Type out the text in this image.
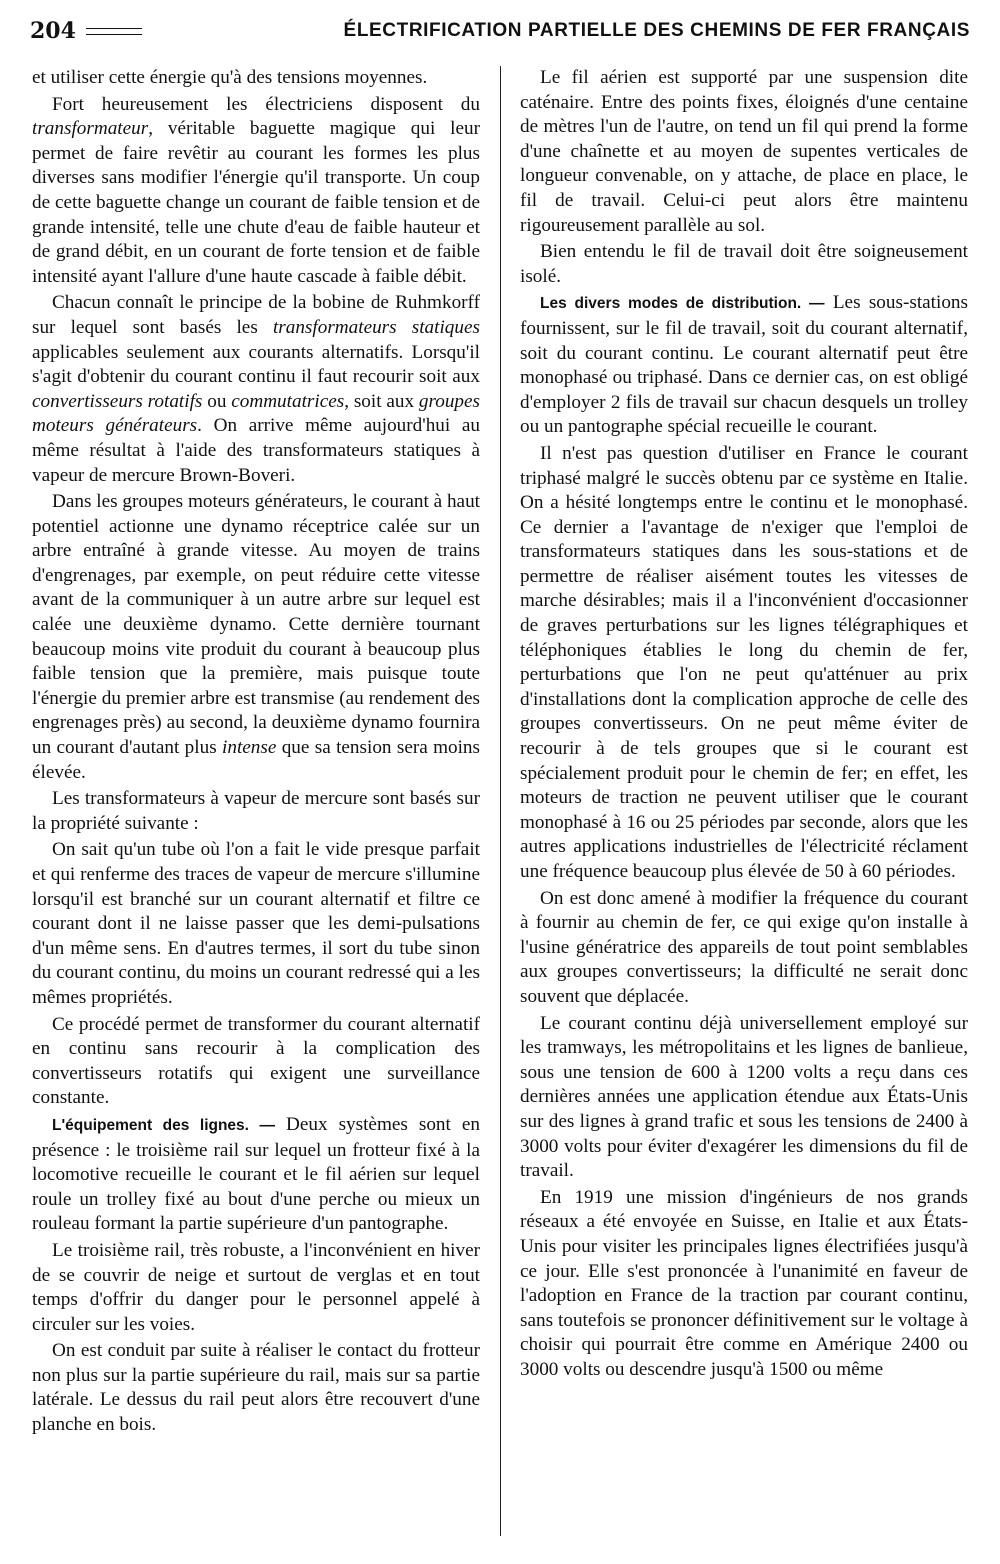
204	ÉLECTRIFICATION PARTIELLE DES CHEMINS DE FER FRANÇAIS

et utiliser cette énergie qu'à des tensions moyennes.

Fort heureusement les électriciens disposent du transformateur, véritable baguette magique qui leur permet de faire revêtir au courant les formes les plus diverses sans modifier l'énergie qu'il transporte. Un coup de cette baguette change un courant de faible tension et de grande intensité, telle une chute d'eau de faible hauteur et de grand débit, en un courant de forte tension et de faible intensité ayant l'allure d'une haute cascade à faible débit.

Chacun connaît le principe de la bobine de Ruhmkorff sur lequel sont basés les transformateurs statiques applicables seulement aux courants alternatifs. Lorsqu'il s'agit d'obtenir du courant continu il faut recourir soit aux convertisseurs rotatifs ou commutatrices, soit aux groupes moteurs générateurs. On arrive même aujourd'hui au même résultat à l'aide des transformateurs statiques à vapeur de mercure Brown-Boveri.

Dans les groupes moteurs générateurs, le courant à haut potentiel actionne une dynamo réceptrice calée sur un arbre entraîné à grande vitesse. Au moyen de trains d'engrenages, par exemple, on peut réduire cette vitesse avant de la communiquer à un autre arbre sur lequel est calée une deuxième dynamo. Cette dernière tournant beaucoup moins vite produit du courant à beaucoup plus faible tension que la première, mais puisque toute l'énergie du premier arbre est transmise (au rendement des engrenages près) au second, la deuxième dynamo fournira un courant d'autant plus intense que sa tension sera moins élevée.

Les transformateurs à vapeur de mercure sont basés sur la propriété suivante :

On sait qu'un tube où l'on a fait le vide presque parfait et qui renferme des traces de vapeur de mercure s'illumine lorsqu'il est branché sur un courant alternatif et filtre ce courant dont il ne laisse passer que les demi-pulsations d'un même sens. En d'autres termes, il sort du tube sinon du courant continu, du moins un courant redressé qui a les mêmes propriétés.

Ce procédé permet de transformer du courant alternatif en continu sans recourir à la complication des convertisseurs rotatifs qui exigent une surveillance constante.

L'équipement des lignes. — Deux systèmes sont en présence : le troisième rail sur lequel un frotteur fixé à la locomotive recueille le courant et le fil aérien sur lequel roule un trolley fixé au bout d'une perche ou mieux un rouleau formant la partie supérieure d'un pantographe.

Le troisième rail, très robuste, a l'inconvénient en hiver de se couvrir de neige et surtout de verglas et en tout temps d'offrir du danger pour le personnel appelé à circuler sur les voies.

On est conduit par suite à réaliser le contact du frotteur non plus sur la partie supérieure du rail, mais sur sa partie latérale. Le dessus du rail peut alors être recouvert d'une planche en bois.

Le fil aérien est supporté par une suspension dite caténaire. Entre des points fixes, éloignés d'une centaine de mètres l'un de l'autre, on tend un fil qui prend la forme d'une chaînette et au moyen de supentes verticales de longueur convenable, on y attache, de place en place, le fil de travail. Celui-ci peut alors être maintenu rigoureusement parallèle au sol.

Bien entendu le fil de travail doit être soigneusement isolé.

Les divers modes de distribution. — Les sous-stations fournissent, sur le fil de travail, soit du courant alternatif, soit du courant continu. Le courant alternatif peut être monophasé ou triphasé. Dans ce dernier cas, on est obligé d'employer 2 fils de travail sur chacun desquels un trolley ou un pantographe spécial recueille le courant.

Il n'est pas question d'utiliser en France le courant triphasé malgré le succès obtenu par ce système en Italie. On a hésité longtemps entre le continu et le monophasé. Ce dernier a l'avantage de n'exiger que l'emploi de transformateurs statiques dans les sous-stations et de permettre de réaliser aisément toutes les vitesses de marche désirables; mais il a l'inconvénient d'occasionner de graves perturbations sur les lignes télégraphiques et téléphoniques établies le long du chemin de fer, perturbations que l'on ne peut qu'atténuer au prix d'installations dont la complication approche de celle des groupes convertisseurs. On ne peut même éviter de recourir à de tels groupes que si le courant est spécialement produit pour le chemin de fer; en effet, les moteurs de traction ne peuvent utiliser que le courant monophasé à 16 ou 25 périodes par seconde, alors que les autres applications industrielles de l'électricité réclament une fréquence beaucoup plus élevée de 50 à 60 périodes.

On est donc amené à modifier la fréquence du courant à fournir au chemin de fer, ce qui exige qu'on installe à l'usine génératrice des appareils de tout point semblables aux groupes convertisseurs; la difficulté ne serait donc souvent que déplacée.

Le courant continu déjà universellement employé sur les tramways, les métropolitains et les lignes de banlieue, sous une tension de 600 à 1200 volts a reçu dans ces dernières années une application étendue aux États-Unis sur des lignes à grand trafic et sous les tensions de 2400 à 3000 volts pour éviter d'exagérer les dimensions du fil de travail.

En 1919 une mission d'ingénieurs de nos grands réseaux a été envoyée en Suisse, en Italie et aux États-Unis pour visiter les principales lignes électrifiées jusqu'à ce jour. Elle s'est prononcée à l'unanimité en faveur de l'adoption en France de la traction par courant continu, sans toutefois se prononcer définitivement sur le voltage à choisir qui pourrait être comme en Amérique 2400 ou 3000 volts ou descendre jusqu'à 1500 ou même
